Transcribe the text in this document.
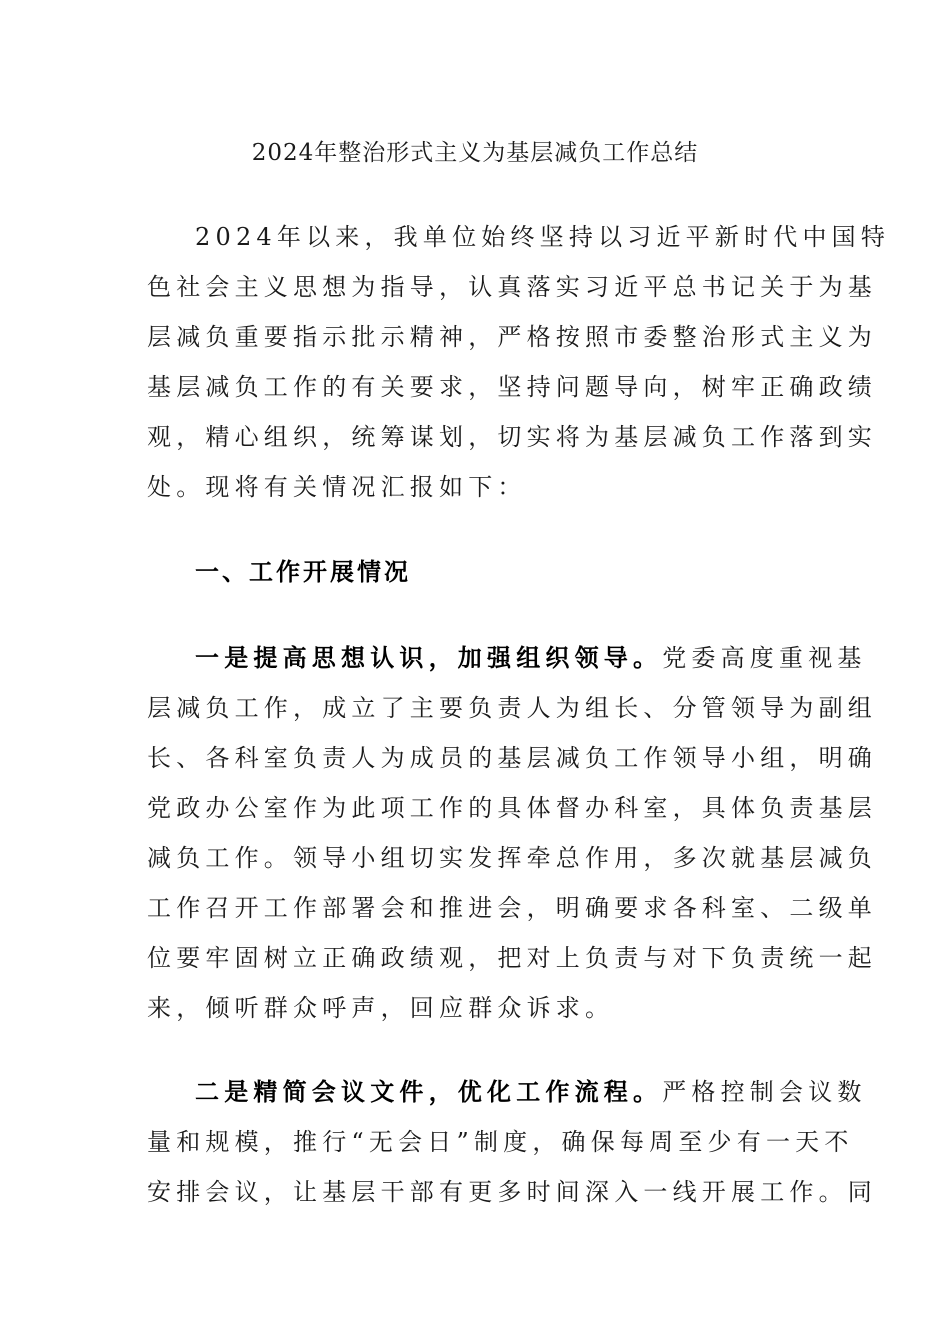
2024年整治形式主义为基层减负工作总结
2024年以来，我单位始终坚持以习近平新时代中国特
色社会主义思想为指导，认真落实习近平总书记关于为基
层减负重要指示批示精神，严格按照市委整治形式主义为
基层减负工作的有关要求，坚持问题导向，树牢正确政绩
观，精心组织，统筹谋划，切实将为基层减负工作落到实
处。现将有关情况汇报如下：
一、工作开展情况
一是提高思想认识，加强组织领导。党委高度重视基
层减负工作，成立了主要负责人为组长、分管领导为副组
长、各科室负责人为成员的基层减负工作领导小组，明确
党政办公室作为此项工作的具体督办科室，具体负责基层
减负工作。领导小组切实发挥牵总作用，多次就基层减负
工作召开工作部署会和推进会，明确要求各科室、二级单
位要牢固树立正确政绩观，把对上负责与对下负责统一起
来，倾听群众呼声，回应群众诉求。
二是精简会议文件，优化工作流程。严格控制会议数
量和规模，推行“无会日”制度，确保每周至少有一天不
安排会议，让基层干部有更多时间深入一线开展工作。同
